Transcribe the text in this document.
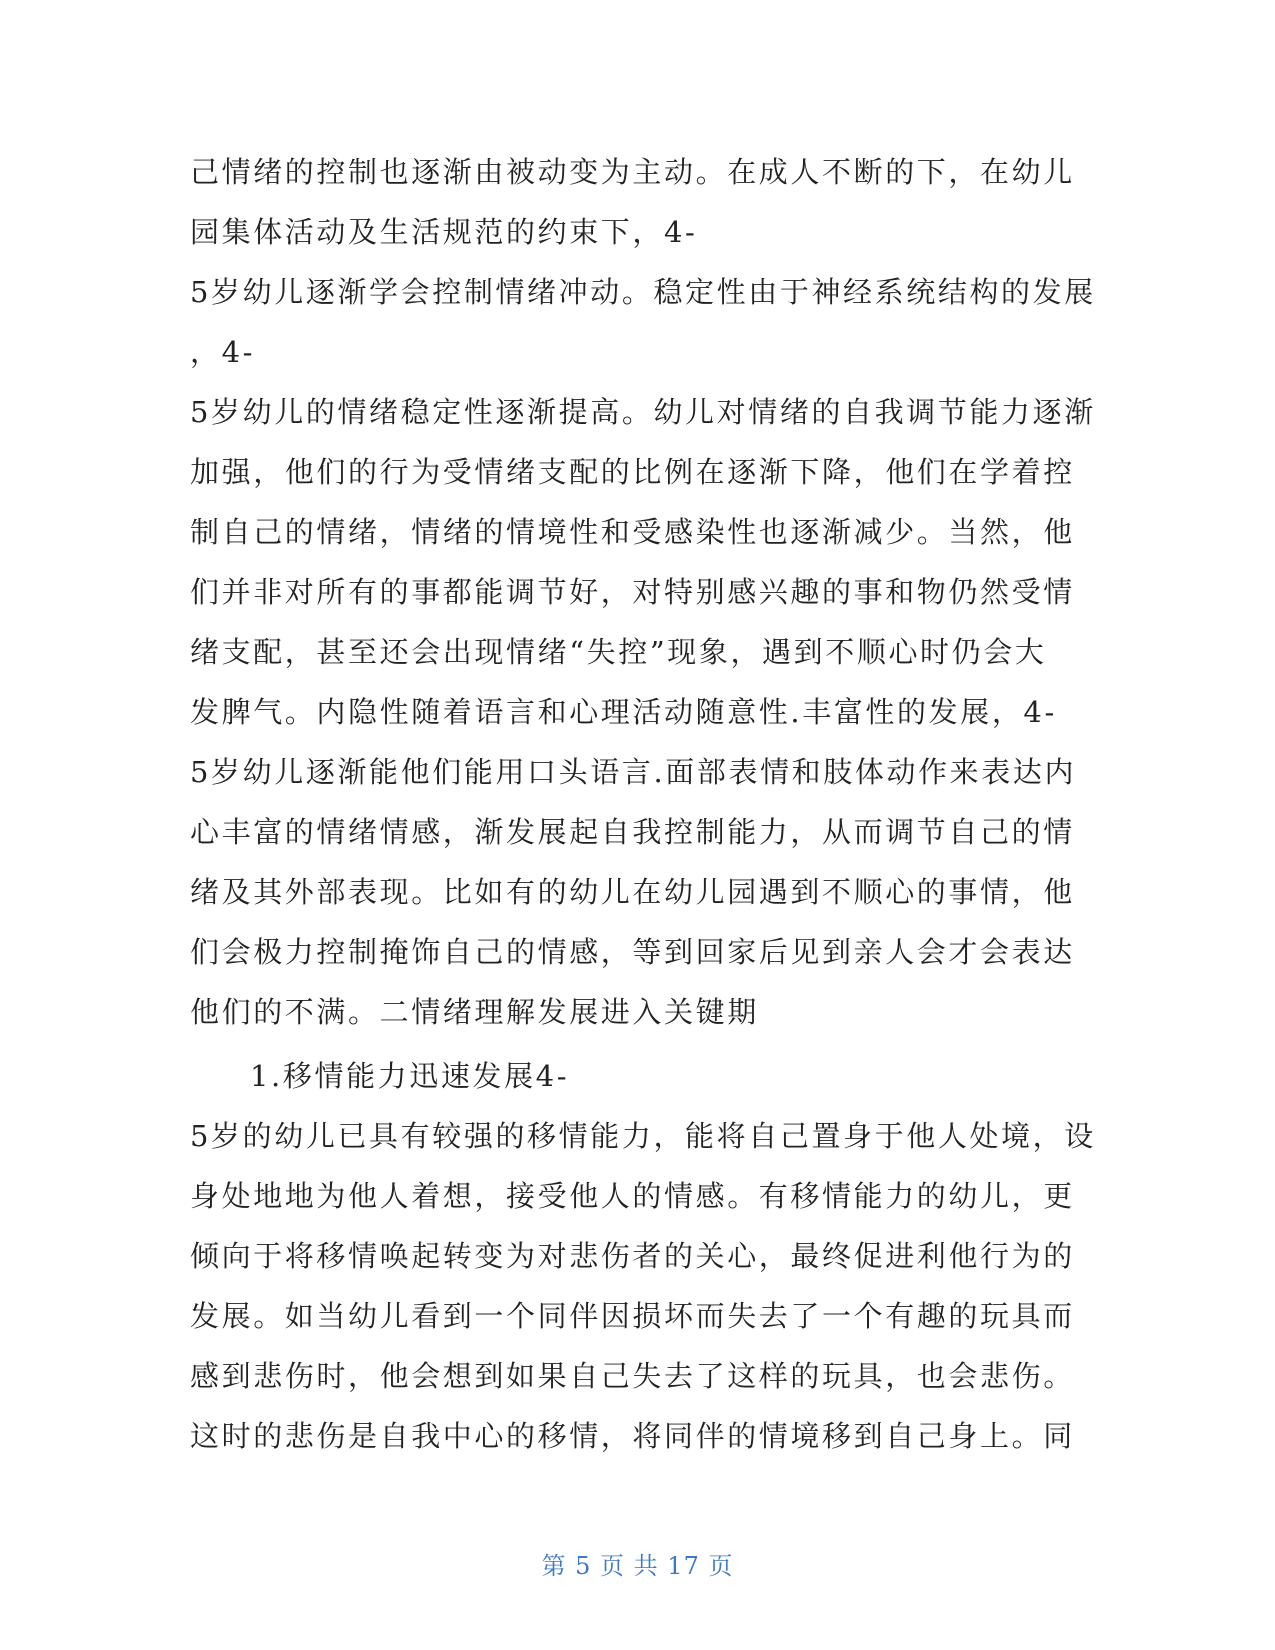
己情绪的控制也逐渐由被动变为主动。在成人不断的下，在幼儿
园集体活动及生活规范的约束下，4-
5岁幼儿逐渐学会控制情绪冲动。稳定性由于神经系统结构的发展
，4-
5岁幼儿的情绪稳定性逐渐提高。幼儿对情绪的自我调节能力逐渐
加强，他们的行为受情绪支配的比例在逐渐下降，他们在学着控
制自己的情绪，情绪的情境性和受感染性也逐渐减少。当然，他
们并非对所有的事都能调节好，对特别感兴趣的事和物仍然受情
绪支配，甚至还会出现情绪“失控”现象，遇到不顺心时仍会大
发脾气。内隐性随着语言和心理活动随意性.丰富性的发展，4-
5岁幼儿逐渐能他们能用口头语言.面部表情和肢体动作来表达内
心丰富的情绪情感，渐发展起自我控制能力，从而调节自己的情
绪及其外部表现。比如有的幼儿在幼儿园遇到不顺心的事情，他
们会极力控制掩饰自己的情感，等到回家后见到亲人会才会表达
他们的不满。二情绪理解发展进入关键期
1.移情能力迅速发展4-
5岁的幼儿已具有较强的移情能力，能将自己置身于他人处境，设
身处地地为他人着想，接受他人的情感。有移情能力的幼儿，更
倾向于将移情唤起转变为对悲伤者的关心，最终促进利他行为的
发展。如当幼儿看到一个同伴因损坏而失去了一个有趣的玩具而
感到悲伤时，他会想到如果自己失去了这样的玩具，也会悲伤。
这时的悲伤是自我中心的移情，将同伴的情境移到自己身上。同
第 5 页 共 17 页
